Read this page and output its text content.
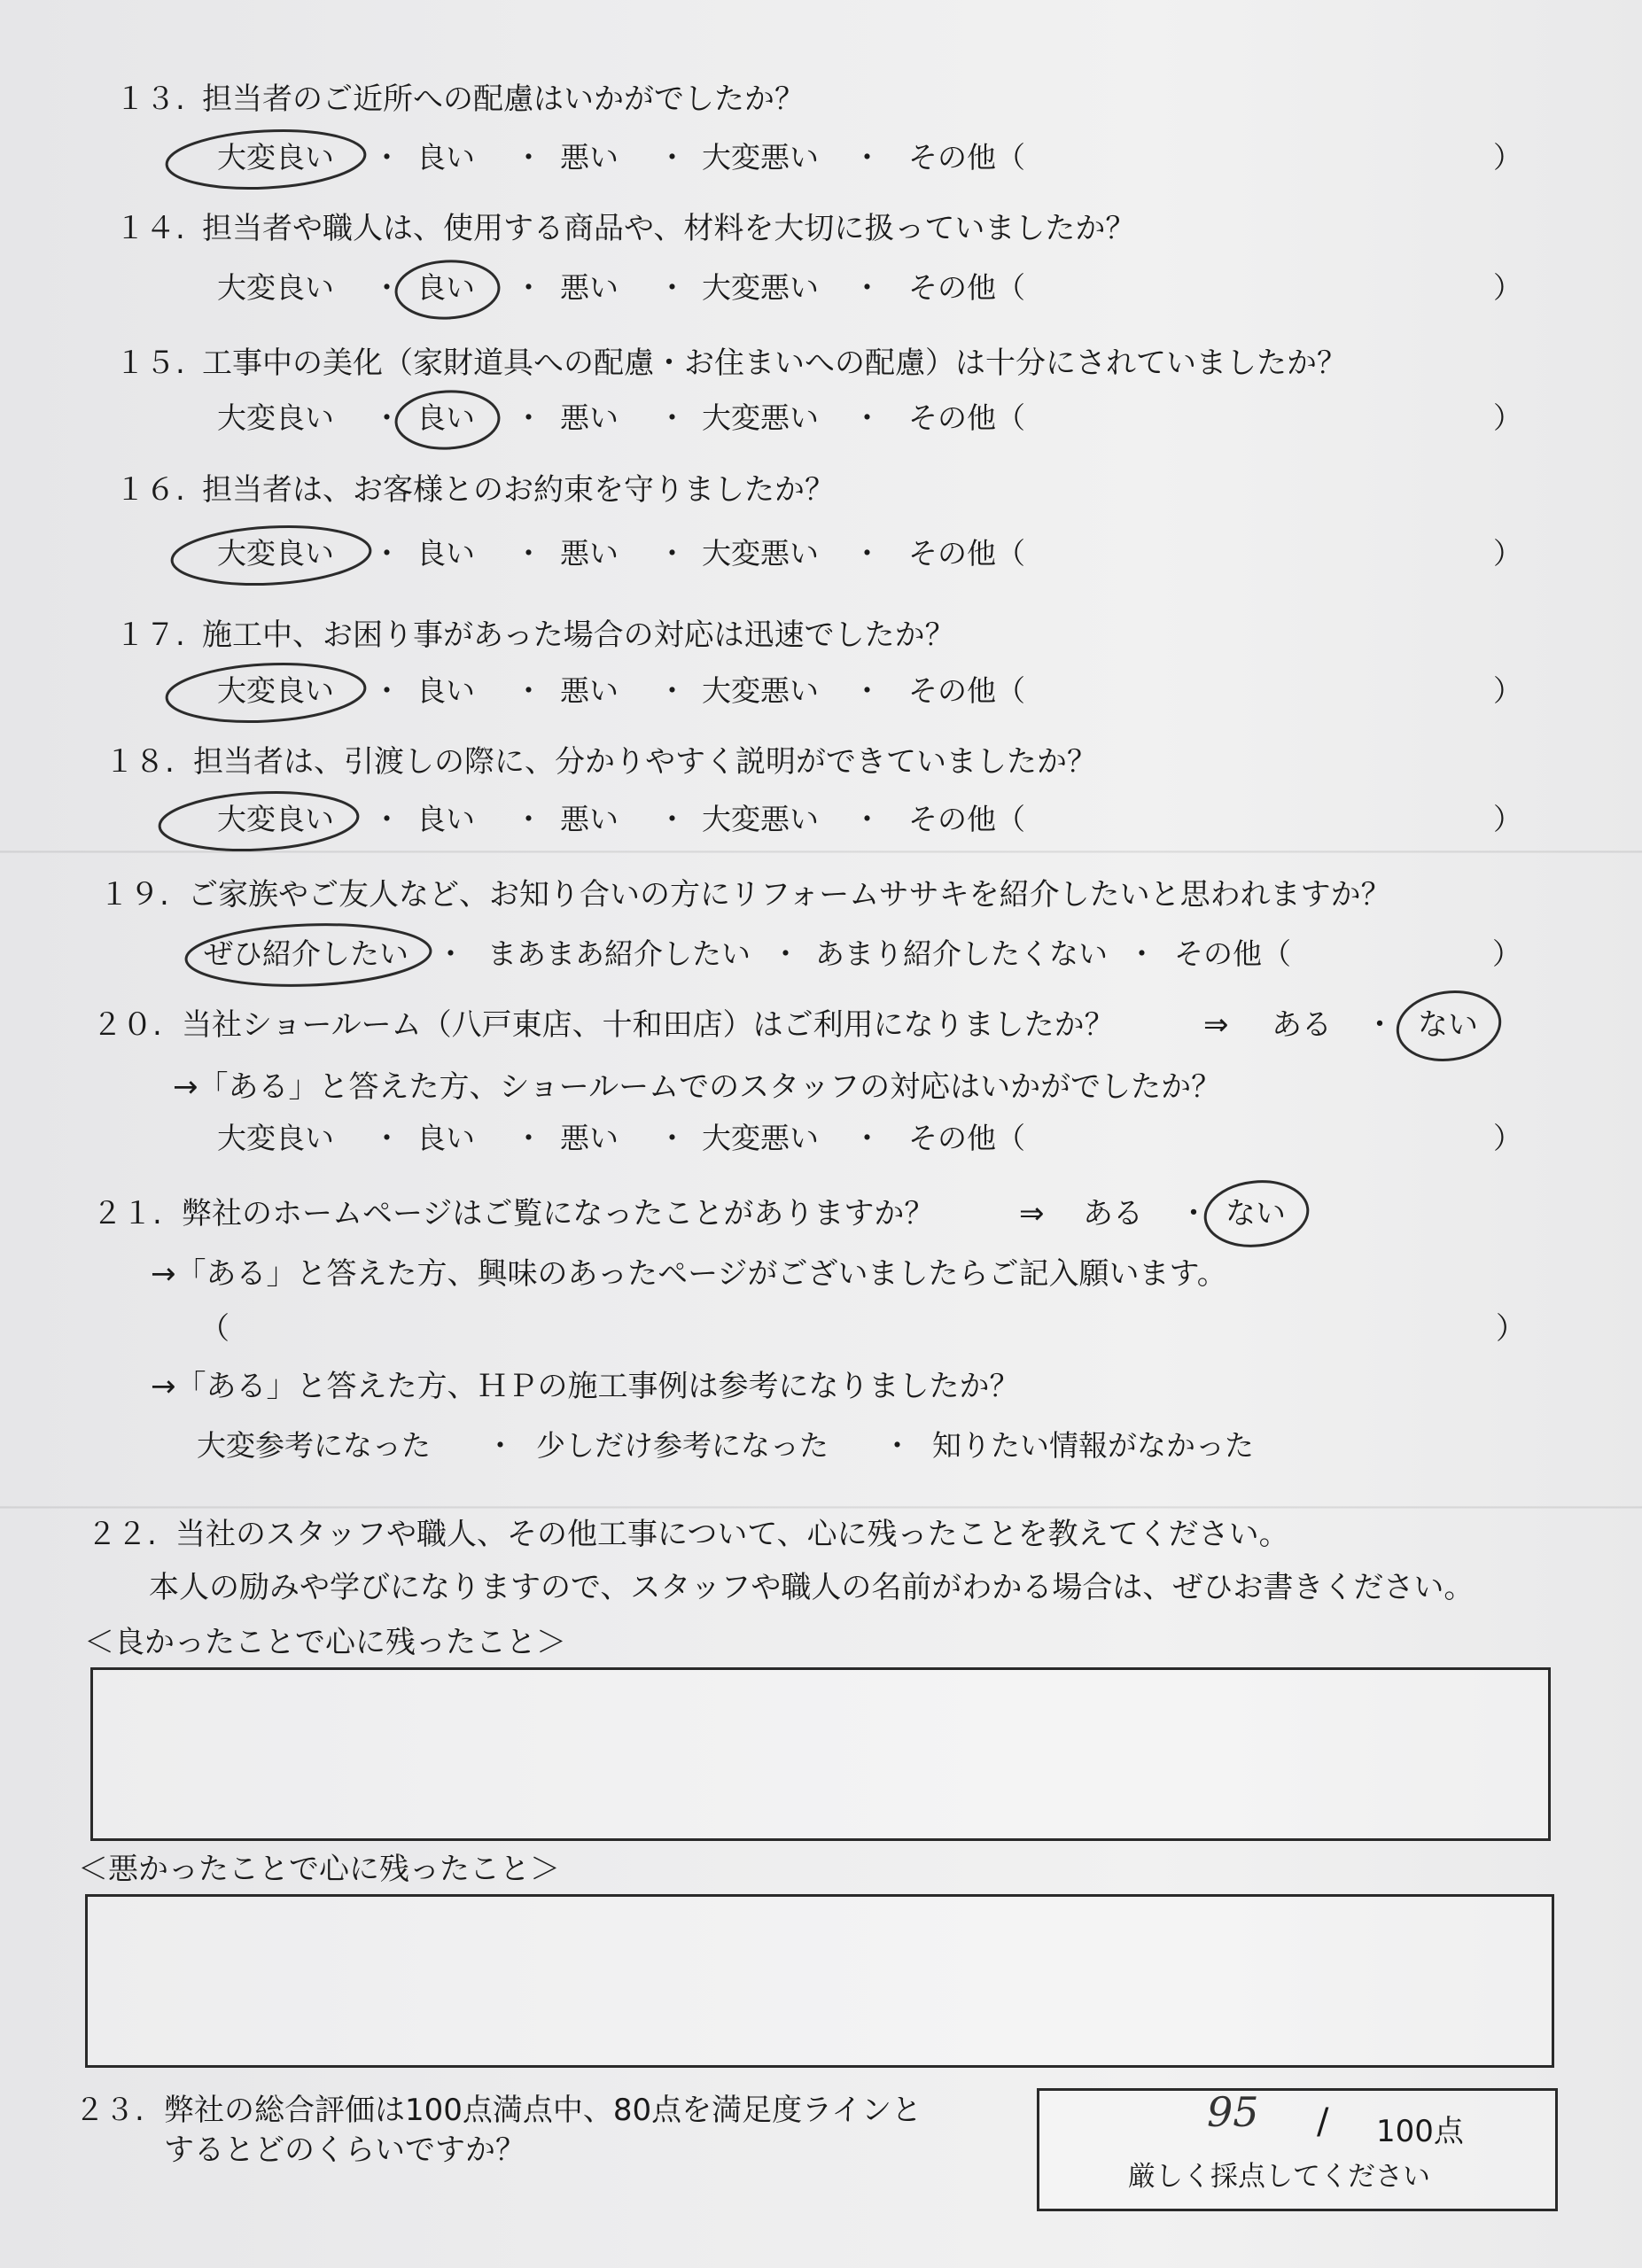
１３. 担当者のご近所への配慮はいかがでしたか？
大変良い ・ 良い ・ 悪い ・ 大変悪い ・ その他（	）
１４. 担当者や職人は、使用する商品や、材料を大切に扱っていましたか？
大変良い ・ 良い ・ 悪い ・ 大変悪い ・ その他（	）
１５. 工事中の美化（家財道具への配慮・お住まいへの配慮）は十分にされていましたか？
大変良い ・ 良い ・ 悪い ・ 大変悪い ・ その他（	）
１６. 担当者は、お客様とのお約束を守りましたか？
大変良い ・ 良い ・ 悪い ・ 大変悪い ・ その他（	）
１７. 施工中、お困り事があった場合の対応は迅速でしたか？
大変良い ・ 良い ・ 悪い ・ 大変悪い ・ その他（	）
１８. 担当者は、引渡しの際に、分かりやすく説明ができていましたか？
大変良い ・ 良い ・ 悪い ・ 大変悪い ・ その他（	）
１９. ご家族やご友人など、お知り合いの方にリフォームササキを紹介したいと思われますか？
ぜひ紹介したい ・ まあまあ紹介したい ・ あまり紹介したくない ・ その他（	）
２０. 当社ショールーム（八戸東店、十和田店）はご利用になりましたか？	⇒ ある ・ ない
→「ある」と答えた方、ショールームでのスタッフの対応はいかがでしたか？
大変良い ・ 良い ・ 悪い ・ 大変悪い ・ その他（	）
２１. 弊社のホームページはご覧になったことがありますか？	⇒ ある ・ ない
→「ある」と答えた方、興味のあったページがございましたらご記入願います。
（	）
→「ある」と答えた方、ＨＰの施工事例は参考になりましたか？
大変参考になった ・ 少しだけ参考になった ・ 知りたい情報がなかった
２２. 当社のスタッフや職人、その他工事について、心に残ったことを教えてください。
本人の励みや学びになりますので、スタッフや職人の名前がわかる場合は、ぜひお書きください。
＜良かったことで心に残ったこと＞
＜悪かったことで心に残ったこと＞
２３. 弊社の総合評価は100点満点中、80点を満足度ラインと
するとどのくらいですか？
95 / 100点
厳しく採点してください
